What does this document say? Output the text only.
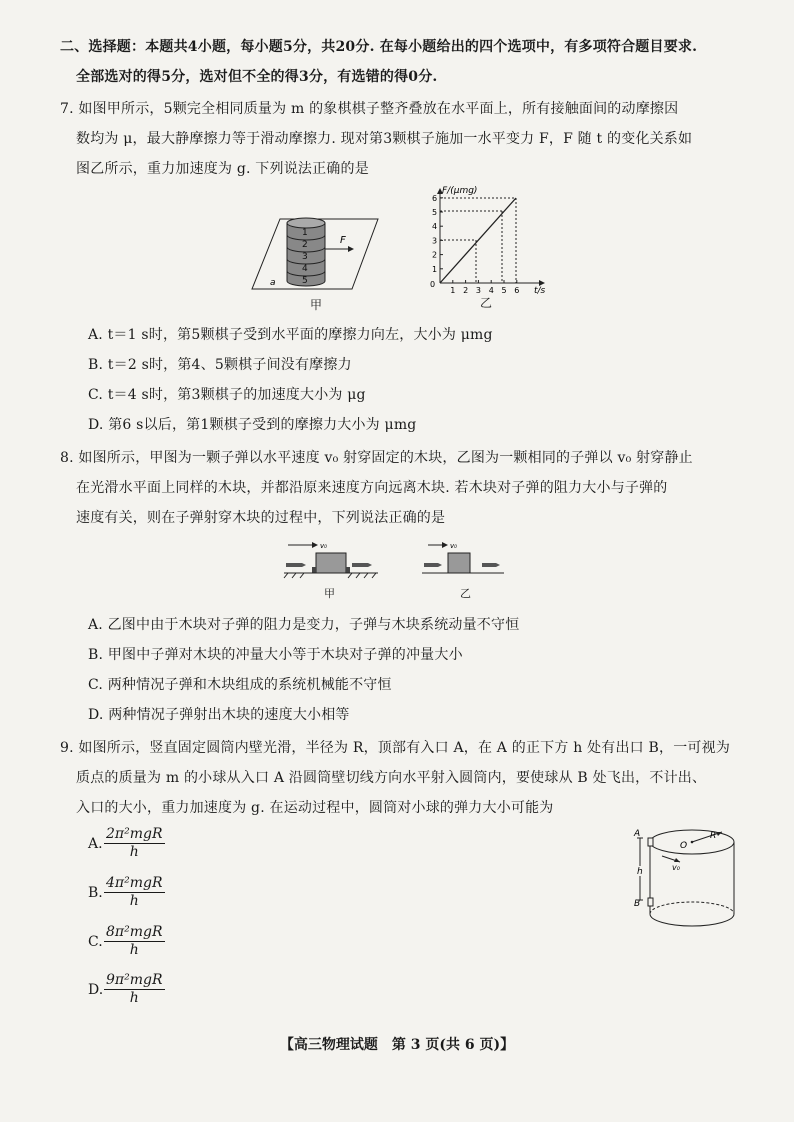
二、选择题：本题共4小题，每小题5分，共20分. 在每小题给出的四个选项中，有多项符合题目要求.
全部选对的得5分，选对但不全的得3分，有选错的得0分.
7. 如图甲所示，5颗完全相同质量为 m 的象棋棋子整齐叠放在水平面上，所有接触面间的动摩擦因
数均为 μ，最大静摩擦力等于滑动摩擦力. 现对第3颗棋子施加一水平变力 F，F 随 t 的变化关系如
图乙所示，重力加速度为 g. 下列说法正确的是
1
2
3
4
5
F
a
甲
F/(μmg)
t/s
0
1
2
3
4
5
6
1 2 3 4 5 6
乙
A. t＝1 s时，第5颗棋子受到水平面的摩擦力向左，大小为 μmg
B. t＝2 s时，第4、5颗棋子间没有摩擦力
C. t＝4 s时，第3颗棋子的加速度大小为 μg
D. 第6 s以后，第1颗棋子受到的摩擦力大小为 μmg
8. 如图所示，甲图为一颗子弹以水平速度 v₀ 射穿固定的木块，乙图为一颗相同的子弹以 v₀ 射穿静止
在光滑水平面上同样的木块，并都沿原来速度方向远离木块. 若木块对子弹的阻力大小与子弹的
速度有关，则在子弹射穿木块的过程中，下列说法正确的是
v₀
甲
v₀
乙
A. 乙图中由于木块对子弹的阻力是变力，子弹与木块系统动量不守恒
B. 甲图中子弹对木块的冲量大小等于木块对子弹的冲量大小
C. 两种情况子弹和木块组成的系统机械能不守恒
D. 两种情况子弹射出木块的速度大小相等
9. 如图所示，竖直固定圆筒内壁光滑，半径为 R，顶部有入口 A，在 A 的正下方 h 处有出口 B，一可视为
质点的质量为 m 的小球从入口 A 沿圆筒壁切线方向水平射入圆筒内，要使球从 B 处飞出，不计出、
入口的大小，重力加速度为 g. 在运动过程中，圆筒对小球的弹力大小可能为
A.
2π²mgR
h
B.
4π²mgR
h
C.
8π²mgR
h
D.
9π²mgR
h
O
R
A
B
h	v₀
【高三物理试题　第 3 页(共 6 页)】
